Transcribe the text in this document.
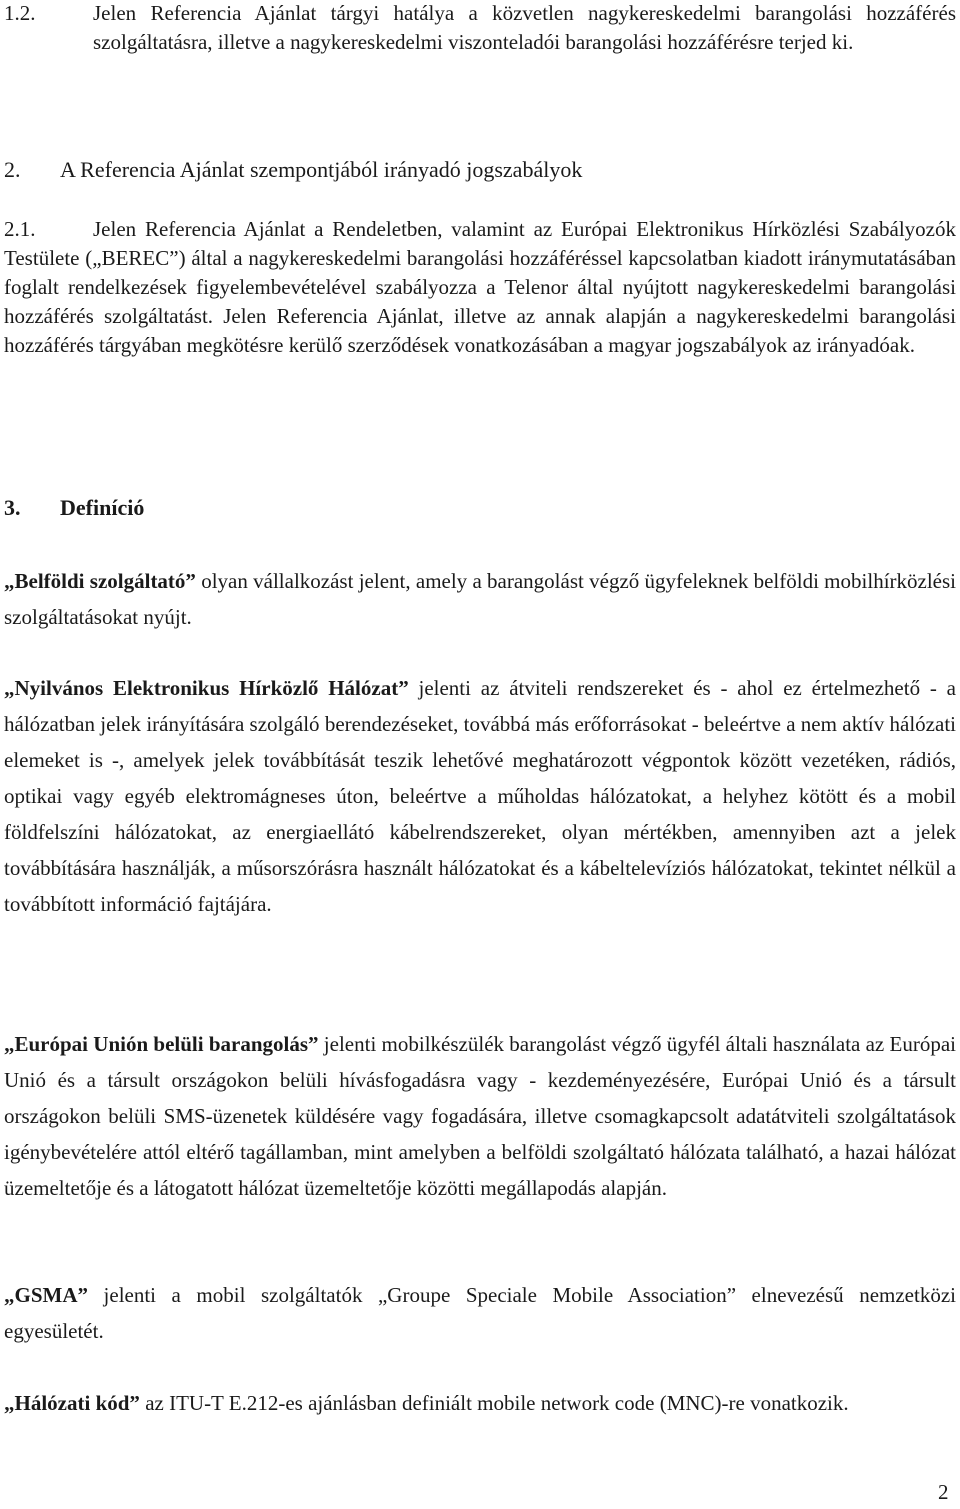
1.2.	Jelen Referencia Ajánlat tárgyi hatálya a közvetlen nagykereskedelmi barangolási hozzáférés szolgáltatásra, illetve a nagykereskedelmi viszonteladói barangolási hozzáférésre terjed ki.
2. A Referencia Ajánlat szempontjából irányadó jogszabályok
2.1.	Jelen Referencia Ajánlat a Rendeletben, valamint az Európai Elektronikus Hírközlési Szabályozók Testülete („BEREC”) által a nagykereskedelmi barangolási hozzáféréssel kapcsolatban kiadott iránymutatásában foglalt rendelkezések figyelembevételével szabályozza a Telenor által nyújtott nagykereskedelmi barangolási hozzáférés szolgáltatást. Jelen Referencia Ajánlat, illetve az annak alapján a nagykereskedelmi barangolási hozzáférés tárgyában megkötésre kerülő szerződések vonatkozásában a magyar jogszabályok az irányadóak.
3. Definíció
„Belföldi szolgáltató” olyan vállalkozást jelent, amely a barangolást végző ügyfeleknek belföldi mobilhírközlési szolgáltatásokat nyújt.
„Nyilvános Elektronikus Hírközlő Hálózat” jelenti az átviteli rendszereket és - ahol ez értelmezhető - a hálózatban jelek irányítására szolgáló berendezéseket, továbbá más erőforrásokat - beleértve a nem aktív hálózati elemeket is -, amelyek jelek továbbítását teszik lehetővé meghatározott végpontok között vezetéken, rádiós, optikai vagy egyéb elektromágneses úton, beleértve a műholdas hálózatokat, a helyhez kötött és a mobil földfelszíni hálózatokat, az energiaellátó kábelrendszereket, olyan mértékben, amennyiben azt a jelek továbbítására használják, a műsorszórásra használt hálózatokat és a kábeltelevíziós hálózatokat, tekintet nélkül a továbbított információ fajtájára.
„Európai Unión belüli barangolás” jelenti mobilkészülék barangolást végző ügyfél általi használata az Európai Unió és a társult országokon belüli hívásfogadásra vagy - kezdeményezésére, Európai Unió és a társult országokon belüli SMS-üzenetek küldésére vagy fogadására, illetve csomagkapcsolt adatátviteli szolgáltatások igénybevételére attól eltérő tagállamban, mint amelyben a belföldi szolgáltató hálózata található, a hazai hálózat üzemeltetője és a látogatott hálózat üzemeltetője közötti megállapodás alapján.
„GSMA” jelenti a mobil szolgáltatók „Groupe Speciale Mobile Association” elnevezésű nemzetközi egyesületét.
„Hálózati kód” az ITU-T E.212-es ajánlásban definiált mobile network code (MNC)-re vonatkozik.
2
